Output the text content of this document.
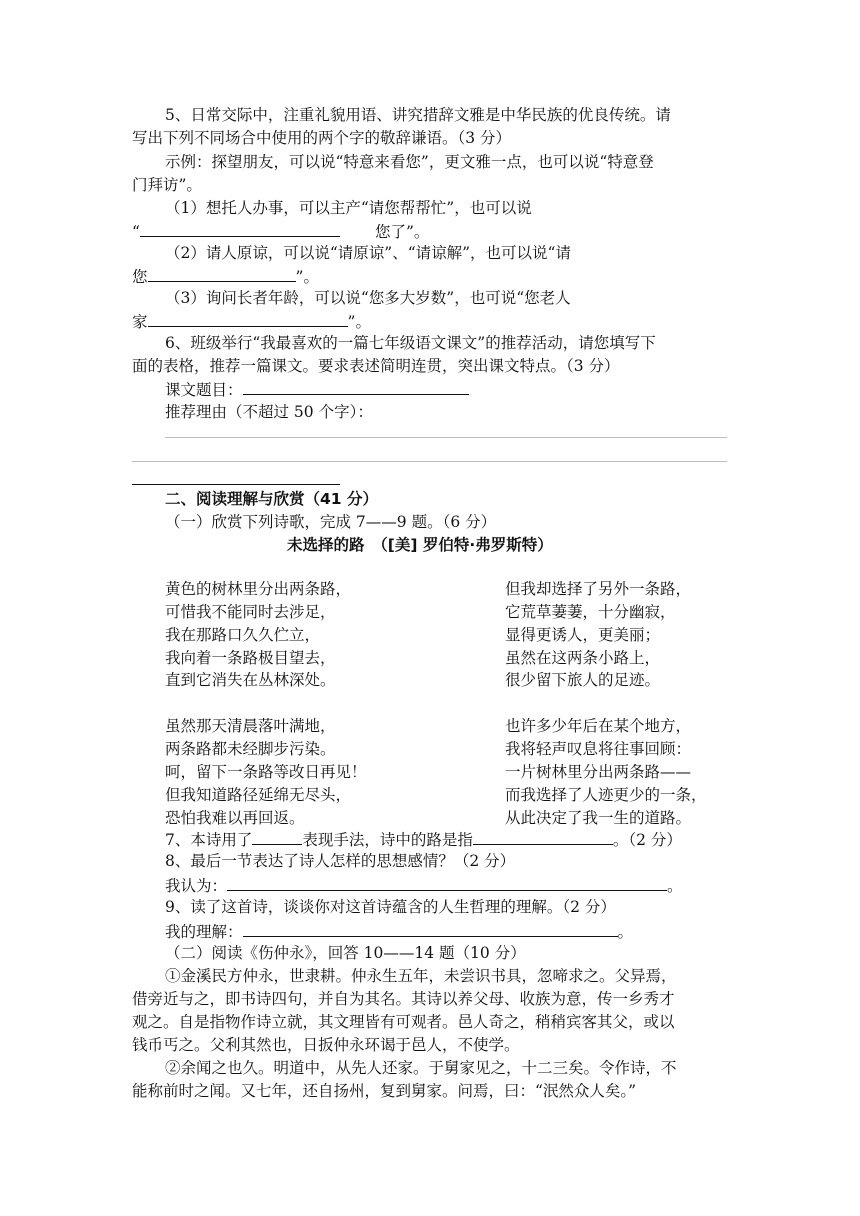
5、日常交际中，注重礼貌用语、讲究措辞文雅是中华民族的优良传统。请
写出下列不同场合中使用的两个字的敬辞谦语。（3 分）
示例：探望朋友，可以说“特意来看您”，更文雅一点，也可以说“特意登
门拜访”。
（1）想托人办事，可以主产“请您帮帮忙”，也可以说
“	您了”。
（2）请人原谅，可以说“请原谅”、“请谅解”，也可以说“请
您	”。
（3）询问长者年龄，可以说“您多大岁数”，也可说“您老人
家	”。
6、班级举行“我最喜欢的一篇七年级语文课文”的推荐活动，请您填写下
面的表格，推荐一篇课文。要求表述简明连贯，突出课文特点。（3 分）
课文题目：
推荐理由（不超过 50 个字）：
二、阅读理解与欣赏（41 分）
（一）欣赏下列诗歌，完成 7——9 题。（6 分）
未选择的路　（[美] 罗伯特·弗罗斯特）
黄色的树林里分出两条路，
可惜我不能同时去涉足，
我在那路口久久伫立，
我向着一条路极目望去，
直到它消失在丛林深处。
但我却选择了另外一条路，
它荒草萋萋，十分幽寂，
显得更诱人，更美丽；
虽然在这两条小路上，
很少留下旅人的足迹。
虽然那天清晨落叶满地，
两条路都未经脚步污染。
呵，留下一条路等改日再见！
但我知道路径延绵无尽头，
恐怕我难以再回返。
也许多少年后在某个地方，
我将轻声叹息将往事回顾：
一片树林里分出两条路——
而我选择了人迹更少的一条，
从此决定了我一生的道路。
7、本诗用了	表现手法，诗中的路是指	。（2 分）
8、最后一节表达了诗人怎样的思想感情？（2 分）
我认为：	。
9、读了这首诗，谈谈你对这首诗蕴含的人生哲理的理解。（2 分）
我的理解：	。
（二）阅读《伤仲永》，回答 10——14 题（10 分）
①金溪民方仲永，世隶耕。仲永生五年，未尝识书具，忽啼求之。父异焉，
借旁近与之，即书诗四句，并自为其名。其诗以养父母、收族为意，传一乡秀才
观之。自是指物作诗立就，其文理皆有可观者。邑人奇之，稍稍宾客其父，或以
钱币丐之。父利其然也，日扳仲永环谒于邑人，不使学。
②余闻之也久。明道中，从先人还家。于舅家见之，十二三矣。令作诗，不
能称前时之闻。又七年，还自扬州，复到舅家。问焉，曰：“泯然众人矣。”
